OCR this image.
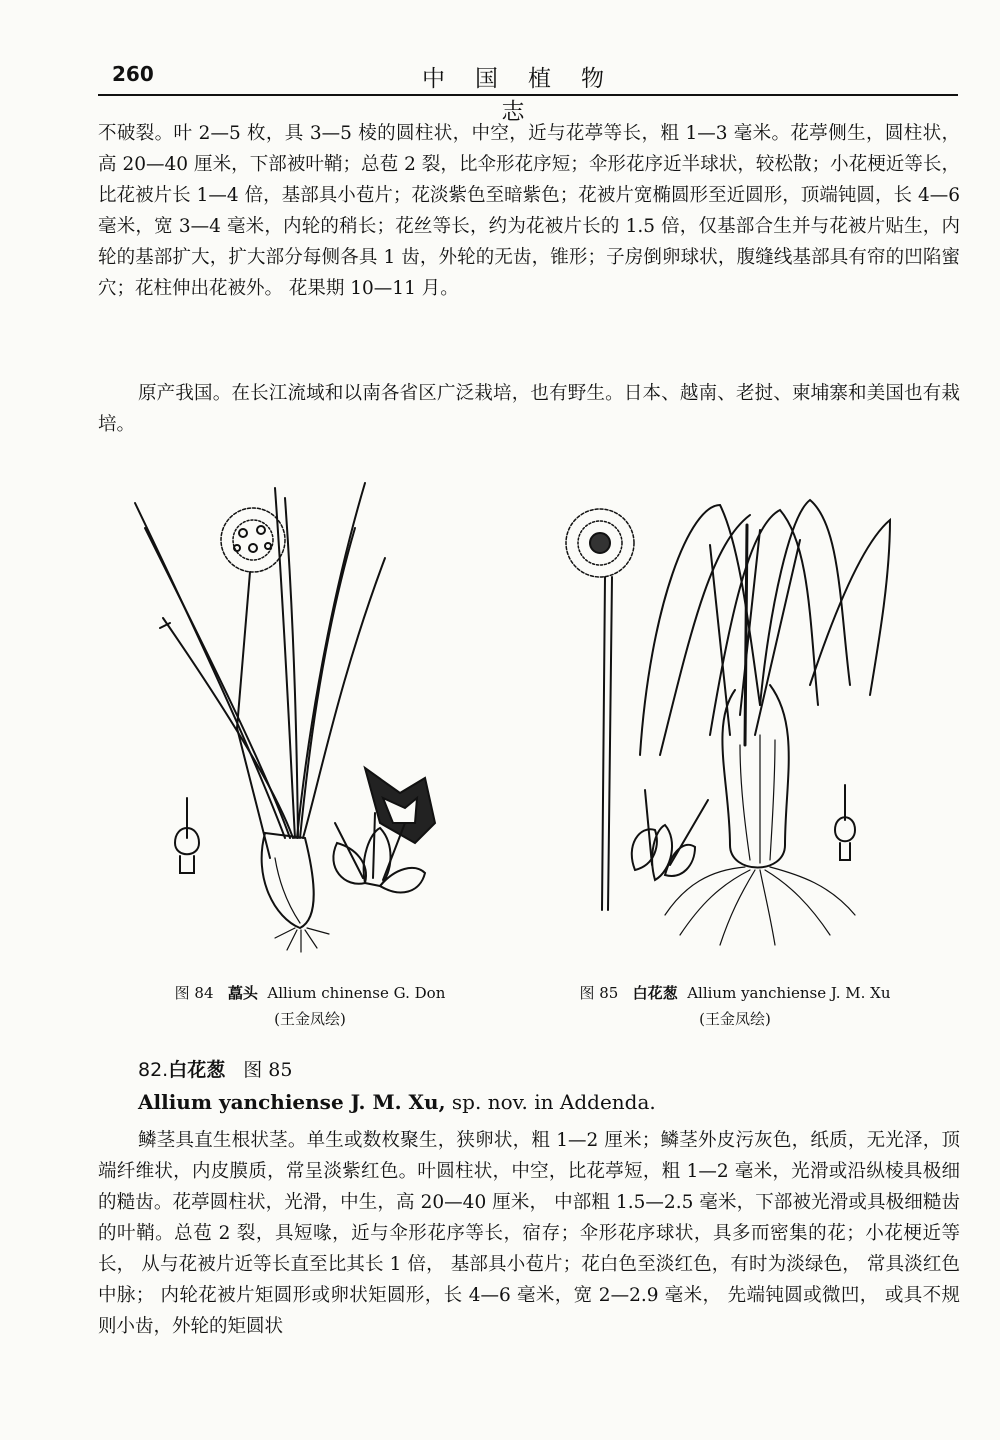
260	中国植物志

不破裂。叶 2—5 枚，具 3—5 棱的圆柱状，中空，近与花葶等长，粗 1—3 毫米。花葶侧生，圆柱状，高 20—40 厘米，下部被叶鞘；总苞 2 裂，比伞形花序短；伞形花序近半球状，较松散；小花梗近等长，比花被片长 1—4 倍，基部具小苞片；花淡紫色至暗紫色；花被片宽椭圆形至近圆形，顶端钝圆，长 4—6 毫米，宽 3—4 毫米，内轮的稍长；花丝等长，约为花被片长的 1.5 倍，仅基部合生并与花被片贴生，内轮的基部扩大，扩大部分每侧各具 1 齿，外轮的无齿，锥形；子房倒卵球状，腹缝线基部具有帘的凹陷蜜穴；花柱伸出花被外。 花果期 10—11 月。

原产我国。在长江流域和以南各省区广泛栽培，也有野生。日本、越南、老挝、柬埔寨和美国也有栽培。

图 84 藠头 Allium chinense G. Don
(王金凤绘)
图 85 白花葱 Allium yanchiense J. M. Xu
(王金凤绘)
82.白花葱 图 85
Allium yanchiense J. M. Xu, sp. nov. in Addenda.

鳞茎具直生根状茎。单生或数枚聚生，狭卵状，粗 1—2 厘米；鳞茎外皮污灰色，纸质，无光泽，顶端纤维状，内皮膜质，常呈淡紫红色。叶圆柱状，中空，比花葶短，粗 1—2 毫米，光滑或沿纵棱具极细的糙齿。花葶圆柱状，光滑，中生，高 20—40 厘米， 中部粗 1.5—2.5 毫米，下部被光滑或具极细糙齿的叶鞘。总苞 2 裂，具短喙，近与伞形花序等长，宿存；伞形花序球状，具多而密集的花；小花梗近等长， 从与花被片近等长直至比其长 1 倍， 基部具小苞片；花白色至淡红色，有时为淡绿色， 常具淡红色中脉； 内轮花被片矩圆形或卵状矩圆形，长 4—6 毫米，宽 2—2.9 毫米， 先端钝圆或微凹， 或具不规则小齿，外轮的矩圆状
